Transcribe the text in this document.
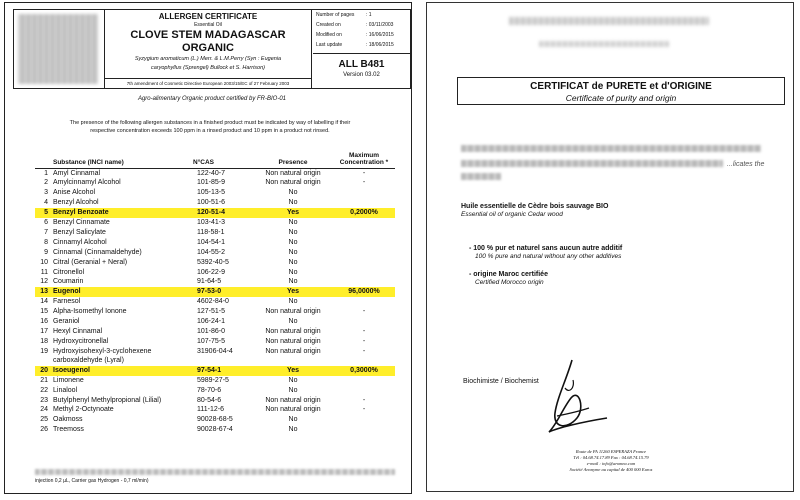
ALLERGEN CERTIFICATE
Essential Oil
CLOVE STEM MADAGASCAR
ORGANIC
Syzygium aromaticum (L.) Merr. & L.M.Perry (Syn : Eugenia
caryophyllus (Sprengel) Bullock et S. Harrison)
7th amendment of Cosmetic Directive European 2003/15/EC of 27 February 2003
Number of pages	: 1
Created on	: 03/11/2003
Modified on	: 16/06/2015
Last update	: 18/06/2015
ALL B481
Version 03.02
Agro-alimentary Organic product certified by FR-BIO-01
The presence of the following allergen substances in a finished product must be indicated by way of labelling if their
respective concentration exceeds 100 ppm in a rinsed product and 10 ppm in a product not rinsed.
	Substance (INCI name)	N°CAS	Presence	Maximum Concentration *
1	Amyl Cinnamal	122-40-7	Non natural origin	-
2	Amylcinnamyl Alcohol	101-85-9	Non natural origin	-
3	Anise Alcohol	105-13-5	No	
4	Benzyl Alcohol	100-51-6	No	
5	Benzyl Benzoate	120-51-4	Yes	0,2000%
6	Benzyl Cinnamate	103-41-3	No	
7	Benzyl Salicylate	118-58-1	No	
8	Cinnamyl Alcohol	104-54-1	No	
9	Cinnamal (Cinnamaldehyde)	104-55-2	No	
10	Citral (Geranial + Neral)	5392-40-5	No	
11	Citronellol	106-22-9	No	
12	Coumarin	91-64-5	No	
13	Eugenol	97-53-0	Yes	96,0000%
14	Farnesol	4602-84-0	No	
15	Alpha-Isomethyl Ionone	127-51-5	Non natural origin	-
16	Geraniol	106-24-1	No	
17	Hexyl Cinnamal	101-86-0	Non natural origin	-
18	Hydroxycitronellal	107-75-5	Non natural origin	-
19	Hydroxyisohexyl-3-cyclohexene carboxaldehyde (Lyral)	31906-04-4	Non natural origin	-
20	Isoeugenol	97-54-1	Yes	0,3000%
21	Limonene	5989-27-5	No	
22	Linalool	78-70-6	No	
23	Butylphenyl Methylpropional (Lilial)	80-54-6	Non natural origin	-
24	Methyl 2-Octynoate	111-12-6	Non natural origin	-
25	Oakmoss	90028-68-5	No	
26	Treemoss	90028-67-4	No	
injection 0,2 µL, Carrier gas Hydrogen - 0,7 ml/min)
CERTIFICAT de PURETE et d'ORIGINE
Certificate of purity and origin
...licates the
Huile essentielle de Cèdre bois sauvage BIO
Essential oil of organic Cedar wood
- 100 % pur et naturel sans aucun autre additif
100 % pure and natural without any other additives
- origine Maroc certifiée
Certified Morocco origin
Biochimiste / Biochemist
Route de FA 11260 ESPERAZA France
Tél : 04.68.74.17.89 Fax : 04.68.74.15.79
e-mail : info@aromea.com
Société Anonyme au capital de 400 000 Euros
